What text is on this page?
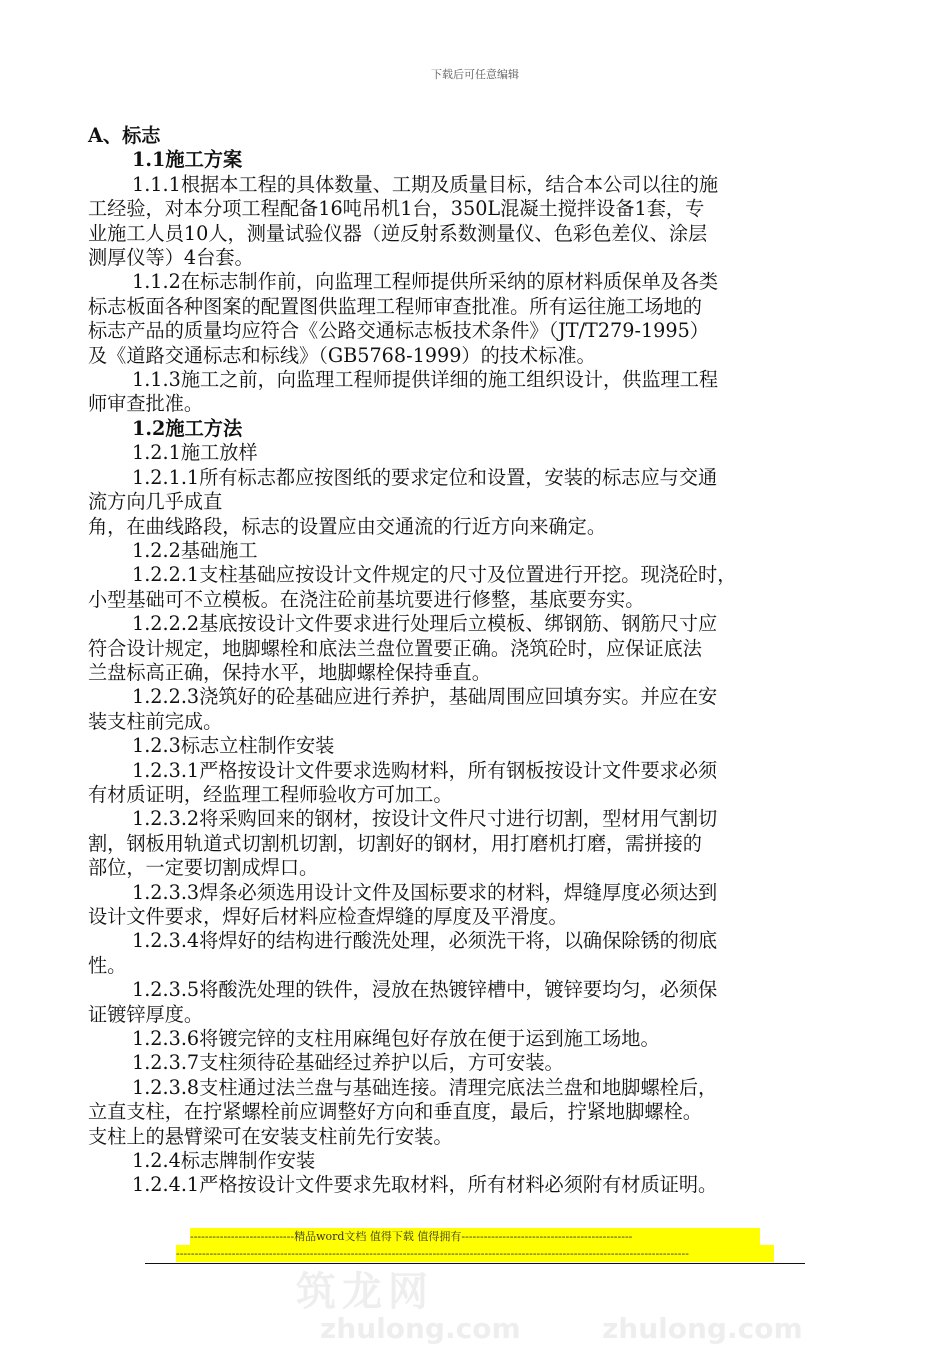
下载后可任意编辑

A、标志

1.1施工方案

1.1.1根据本工程的具体数量、工期及质量目标，结合本公司以往的施

工经验，对本分项工程配备16吨吊机1台，350L混凝土搅拌设备1套，专

业施工人员10人，测量试验仪器（逆反射系数测量仪、色彩色差仪、涂层

测厚仪等）4台套。

1.1.2在标志制作前，向监理工程师提供所采纳的原材料质保单及各类

标志板面各种图案的配置图供监理工程师审查批准。所有运往施工场地的

标志产品的质量均应符合《公路交通标志板技术条件》（JT/T279-1995）

及《道路交通标志和标线》（GB5768-1999）的技术标准。

1.1.3施工之前，向监理工程师提供详细的施工组织设计，供监理工程

师审查批准。

1.2施工方法

1.2.1施工放样

1.2.1.1所有标志都应按图纸的要求定位和设置，安装的标志应与交通

流方向几乎成直

角，在曲线路段，标志的设置应由交通流的行近方向来确定。

1.2.2基础施工

1.2.2.1支柱基础应按设计文件规定的尺寸及位置进行开挖。现浇砼时，

小型基础可不立模板。在浇注砼前基坑要进行修整，基底要夯实。

1.2.2.2基底按设计文件要求进行处理后立模板、绑钢筋、钢筋尺寸应

符合设计规定，地脚螺栓和底法兰盘位置要正确。浇筑砼时，应保证底法

兰盘标高正确，保持水平，地脚螺栓保持垂直。

1.2.2.3浇筑好的砼基础应进行养护，基础周围应回填夯实。并应在安

装支柱前完成。

1.2.3标志立柱制作安装

1.2.3.1严格按设计文件要求选购材料，所有钢板按设计文件要求必须

有材质证明，经监理工程师验收方可加工。

1.2.3.2将采购回来的钢材，按设计文件尺寸进行切割，型材用气割切

割，钢板用轨道式切割机切割，切割好的钢材，用打磨机打磨，需拼接的

部位，一定要切割成焊口。

1.2.3.3焊条必须选用设计文件及国标要求的材料，焊缝厚度必须达到

设计文件要求，焊好后材料应检查焊缝的厚度及平滑度。

1.2.3.4将焊好的结构进行酸洗处理，必须洗干将，以确保除锈的彻底

性。

1.2.3.5将酸洗处理的铁件，浸放在热镀锌槽中，镀锌要均匀，必须保

证镀锌厚度。

1.2.3.6将镀完锌的支柱用麻绳包好存放在便于运到施工场地。

1.2.3.7支柱须待砼基础经过养护以后，方可安装。

1.2.3.8支柱通过法兰盘与基础连接。清理完底法兰盘和地脚螺栓后，

立直支柱，在拧紧螺栓前应调整好方向和垂直度，最后，拧紧地脚螺栓。

支柱上的悬臂梁可在安装支柱前先行安装。

1.2.4标志牌制作安装

1.2.4.1严格按设计文件要求先取材料，所有材料必须附有材质证明。

----------------------------精品word文档 值得下载 值得拥有----------------------------------------------
------------------------------------------------------------------------------------------------------------------------------------------
筑龙网
zhulong.com	zhulong.com
